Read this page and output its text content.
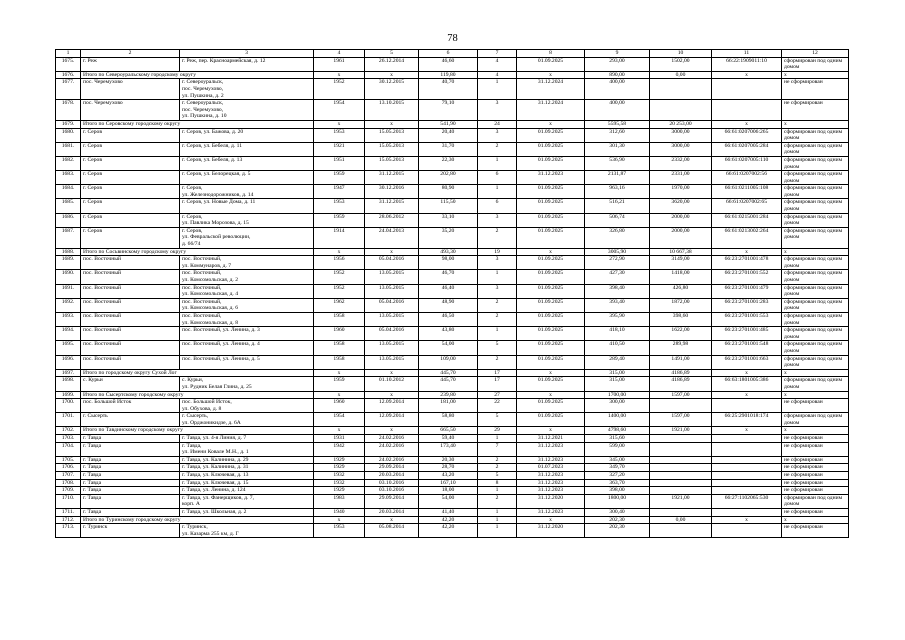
78
1	2	3	4	5	6	7	8	9	10	11	12
1675.	г. Реж	г. Реж, пер. Красноармейская, д. 12	1961	26.12.2014	46,60	4	01.09.2025	293,00	1502,00	66:22:1909011:10	сформирован под одним домом
1676.	Итого по Североуральскому городскому округу		x	x	119,80	4	x	890,00	0,00	x	x
1677.	пос. Черемухово	г. Североуральск,
пос. Черемухово,
ул. Пушкина, д. 2	1952	30.12.2015	40,70	1	31.12.2024	400,00			не сформирован
1678.	пос. Черемухово	г. Североуральск,
пос. Черемухово,
ул. Пушкина, д. 10	1954	13.10.2015	79,10	3	31.12.2024	400,00			не сформирован
1679.	Итого по Серовскому городскому округу		x	x	541,90	24	x	5595,58	20 253,00	x	x
1680.	г. Серов	г. Серов, ул. Бажова, д. 20	1953	15.05.2013	20,40	3	01.09.2025	312,60	3000,00	66:61:0207006:265	сформирован под одним домом
1681.	г. Серов	г. Серов, ул. Бебеля, д. 11	1921	15.05.2013	31,70	2	01.09.2025	301,30	3000,00	66:61:0207005:284	сформирован под одним домом
1682.	г. Серов	г. Серов, ул. Бебеля, д. 13	1951	15.05.2013	22,30	1	01.09.2025	536,90	2332,00	66:61:0207005:110	сформирован под одним домом
1683.	г. Серов	г. Серов, ул. Белорецкая, д. 5	1959	31.12.2015	202,80	6	31.12.2023	2131,87	2331,00	66:61:0207002:56	сформирован под одним домом
1684.	г. Серов	г. Серов,
ул. Железнодорожников, д. 14	1947	30.12.2016	80,90	1	01.09.2025	963,16	1970,00	66:61:0211005:108	сформирован под одним домом
1685.	г. Серов	г. Серов, ул. Новые Дома, д. 11	1953	31.12.2015	115,50	6	01.09.2025	516,21	3620,00	66:61:0207002:65	сформирован под одним домом
1686.	г. Серов	г. Серов,
ул. Павлика Морозова, д. 15	1959	28.06.2012	33,10	3	01.09.2025	506,74	2000,00	66:61:0215001:284	сформирован под одним домом
1687.	г. Серов	г. Серов,
ул. Февральской революции,
д. 66/74	1914	24.04.2013	35,20	2	01.09.2025	326,80	2000,00	66:61:0213002:264	сформирован под одним домом
1688.	Итого по Сосьвинскому городскому округу		x	x	493,30	19	x	3005,90	10 667,38	x	x
1689.	пос. Восточный	пос. Восточный,
ул. Коммунаров, д. 7	1956	05.04.2016	98,00	3	01.09.2025	272,90	3149,00	66:23:2701001:478	сформирован под одним домом
1690.	пос. Восточный	пос. Восточный,
ул. Комсомольская, д. 2	1952	13.05.2015	46,70	1	01.09.2025	427,30	1418,00	66:23:2701001:552	сформирован под одним домом
1691.	пос. Восточный	пос. Восточный,
ул. Комсомольская, д. 4	1952	13.05.2015	46,40	3	01.09.2025	398,40	426,80	66:23:2701001:479	сформирован под одним домом
1692.	пос. Восточный	пос. Восточный,
ул. Комсомольская, д. 6	1962	05.04.2016	48,90	2	01.09.2025	393,40	1872,00	66:23:2701001:283	сформирован под одним домом
1693.	пос. Восточный	пос. Восточный,
ул. Комсомольская, д. 8	1958	13.05.2015	46,50	2	01.09.2025	395,90	398,60	66:23:2701001:553	сформирован под одним домом
1694.	пос. Восточный	пос. Восточный, ул. Ленина, д. 3	1960	05.04.2016	43,80	1	01.09.2025	418,10	1622,00	66:23:2701001:485	сформирован под одним домом
1695.	пос. Восточный	пос. Восточный, ул. Ленина, д. 4	1958	13.05.2015	54,00	5	01.09.2025	410,50	289,98	66:23:2701001:548	сформирован под одним домом
1696.	пос. Восточный	пос. Восточный, ул. Ленина, д. 5	1958	13.05.2015	109,00	2	01.09.2025	289,40	1491,00	66:23:2701001:663	сформирован под одним домом
1697.	Итого по городскому округу Сухой Лог		x	x	445,70	17	x	315,00	4186,89	x	x
1698.	с. Курьи	с. Курьи,
ул. Рудник Белая Глина, д. 25	1959	01.10.2012	445,70	17	01.09.2025	315,00	4186,89	66:63:1801005:386	сформирован под одним домом
1699.	Итого по Сысертскому городскому округу		x	x	239,80	27	x	1700,00	1597,00	x	x
1700.	пос. Большой Исток	пос. Большой Исток,
ул. Обухова, д. 8	1960	12.09.2014	181,00	22	01.09.2025	300,00			не сформирован
1701.	г. Сысерть	г. Сысерть,
ул. Орджоникидзе, д. 6А	1954	12.09.2014	58,80	5	01.09.2025	1400,00	1597,00	66:25:2901018:174	сформирован под одним домом
1702.	Итого по Тавдинскому городскому округу		x	x	665,50	29	x	4798,60	1921,00	x	x
1703.	г. Тавда	г. Тавда, ул. 4-я Линия, д. 7	1931	24.02.2016	59,40	1	31.12.2021	315,60			не сформирован
1704.	г. Тавда	г. Тавда,
ул. Имени Ковале М.Н., д. 1	1942	24.02.2016	173,40	7	31.12.2023	599,00			не сформирован
1705.	г. Тавда	г. Тавда, ул. Калинина, д. 29	1929	24.02.2016	20,30	2	31.12.2023	345,00			не сформирован
1706.	г. Тавда	г. Тавда, ул. Калинина, д. 31	1929	29.09.2014	28,70	2	01.07.2023	349,70			не сформирован
1707.	г. Тавда	г. Тавда, ул. Ключевая, д. 13	1932	20.03.2014	43,20	5	31.12.2023	327,20			не сформирован
1708.	г. Тавда	г. Тавда, ул. Ключевая, д. 15	1932	03.10.2016	167,10	8	31.12.2023	363,70			не сформирован
1709.	г. Тавда	г. Тавда, ул. Ленина, д. 124	1929	03.10.2016	18,00	1	31.12.2023	398,00			не сформирован
1710.	г. Тавда	г. Тавда, ул. Фанерщиков, д. 7,
корп. А	1983	29.09.2014	54,00	2	31.12.2020	1800,00	1921,00	66:27:1102065:530	сформирован под одним домом
1711.	г. Тавда	г. Тавда, ул. Школьная, д. 2	1940	20.03.2014	41,40	1	31.12.2023	300,40			не сформирован
1712.	Итого по Туринскому городскому округу		x	x	42,20	1	x	202,30	0,00	x	x
1713.	г. Туринск	г. Туринск,
ул. Казарма 255 км, д. Г	1953	05.08.2014	42,20	1	31.12.2020	202,30			не сформирован
